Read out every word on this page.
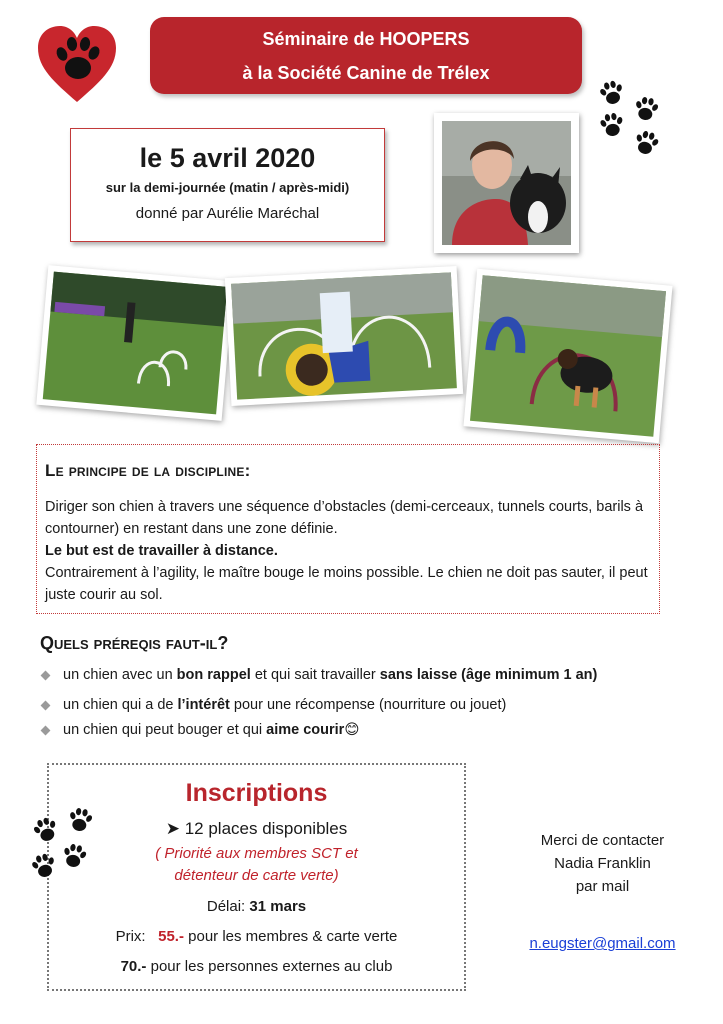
Séminaire de HOOPERS
à la Société Canine de Trélex
le 5 avril 2020
sur la demi-journée (matin / après-midi)
donné par Aurélie Maréchal
Le principe de la discipline:
Diriger son chien à travers une séquence d’obstacles (demi-cerceaux, tunnels courts, barils à contourner) en restant dans une zone définie.
Le but est de travailler à distance.
Contrairement à l’agility, le maître bouge le moins possible. Le chien ne doit pas sauter, il peut juste courir au sol.
Quels préreqis faut-il?
un chien avec un bon rappel et qui sait travailler sans laisse (âge minimum 1 an)
un chien qui a de l’intérêt pour une récompense (nourriture ou jouet)
un chien qui peut bouger et qui aime courir😊
Inscriptions
➤ 12 places disponibles
( Priorité aux membres SCT et
détenteur de carte verte)
Délai: 31 mars
Prix:   55.- pour les membres & carte verte
70.- pour les personnes externes au club
Merci de contacter
Nadia Franklin
par mail
n.eugster@gmail.com
